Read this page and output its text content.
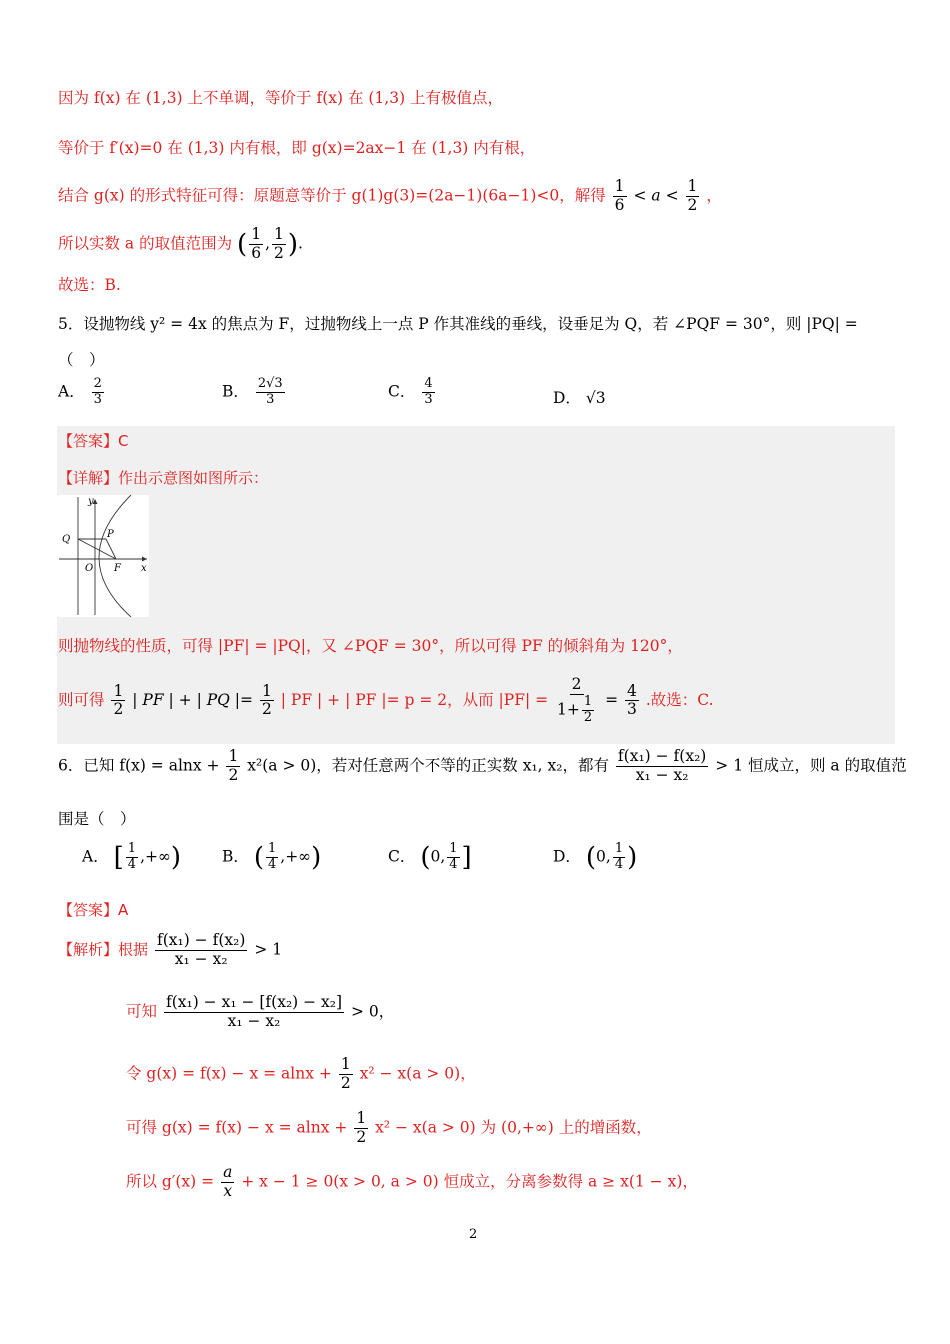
因为 f(x) 在 (1,3) 上不单调，等价于 f(x) 在 (1,3) 上有极值点，
等价于 f′(x)=0 在 (1,3) 内有根，即 g(x)=2ax−1 在 (1,3) 内有根，
结合 g(x) 的形式特征可得：原题意等价于 g(1)g(3)=(2a−1)(6a−1)<0，解得 $\frac{1}{6} < a < \frac{1}{2}$ ，
所以实数 a 的取值范围为 ( $\frac{1}{6}$ , $\frac{1}{2}$ ).
故选：B.
5．设抛物线 y² = 4x 的焦点为 F，过抛物线上一点 P 作其准线的垂线，设垂足为 Q，若 ∠PQF = 30°，则 |PQ| =
（　）
A． $\frac{2}{3}$	B． $\frac{2√3}{3}$	C． $\frac{4}{3}$	D． √3
【答案】C
【详解】作出示意图如图所示：
y
x
Q	P
O F
则抛物线的性质，可得 |PF| = |PQ|，又 ∠PQF = 30°，所以可得 PF 的倾斜角为 120°，
则可得 $\frac{1}{2}$ | PF | + | PQ |= $\frac{1}{2}$ | PF | + | PF |= p = 2，从而 $|PF| = \frac{2}{1+ \frac{1}{2}} = \frac{4}{3}$ .故选：C.
6．已知 $f(x) = alnx + \frac{1}{2} x^2(a > 0)$，若对任意两个不等的正实数 x₁, x₂，都有 $\frac{\text{f(x₁) − f(x₂)}}{\text{x₁ − x₂}} > 1$ 恒成立，则 a 的取值范
围是（　）
A． [ $\frac{1}{4}$ ,+∞)	B． ( $\frac{1}{4}$ ,+∞)	C． (0, $\frac{1}{4}$ ]	D． (0, $\frac{1}{4}$ )
【答案】A
【解析】根据 $\frac{\text{f(x₁) − f(x₂)}}{\text{x₁ − x₂}} > 1$
可知 $\frac{\text{f(x₁) − x₁ − [f(x₂) − x₂]}}{\text{x₁ − x₂}} > 0$，
令 $g(x) = f(x) - x = alnx + \frac{1}{2} x^2 - x(a > 0)$，
可得 $g(x) = f(x) - x = alnx + \frac{1}{2} x^2 - x(a > 0)$ 为 (0,+∞) 上的增函数，
所以 $g'(x) = \frac{a}{x} + x - 1 \ge 0(x > 0$, a > 0) 恒成立，分离参数得 a ≥ x(1 − x)，
2
